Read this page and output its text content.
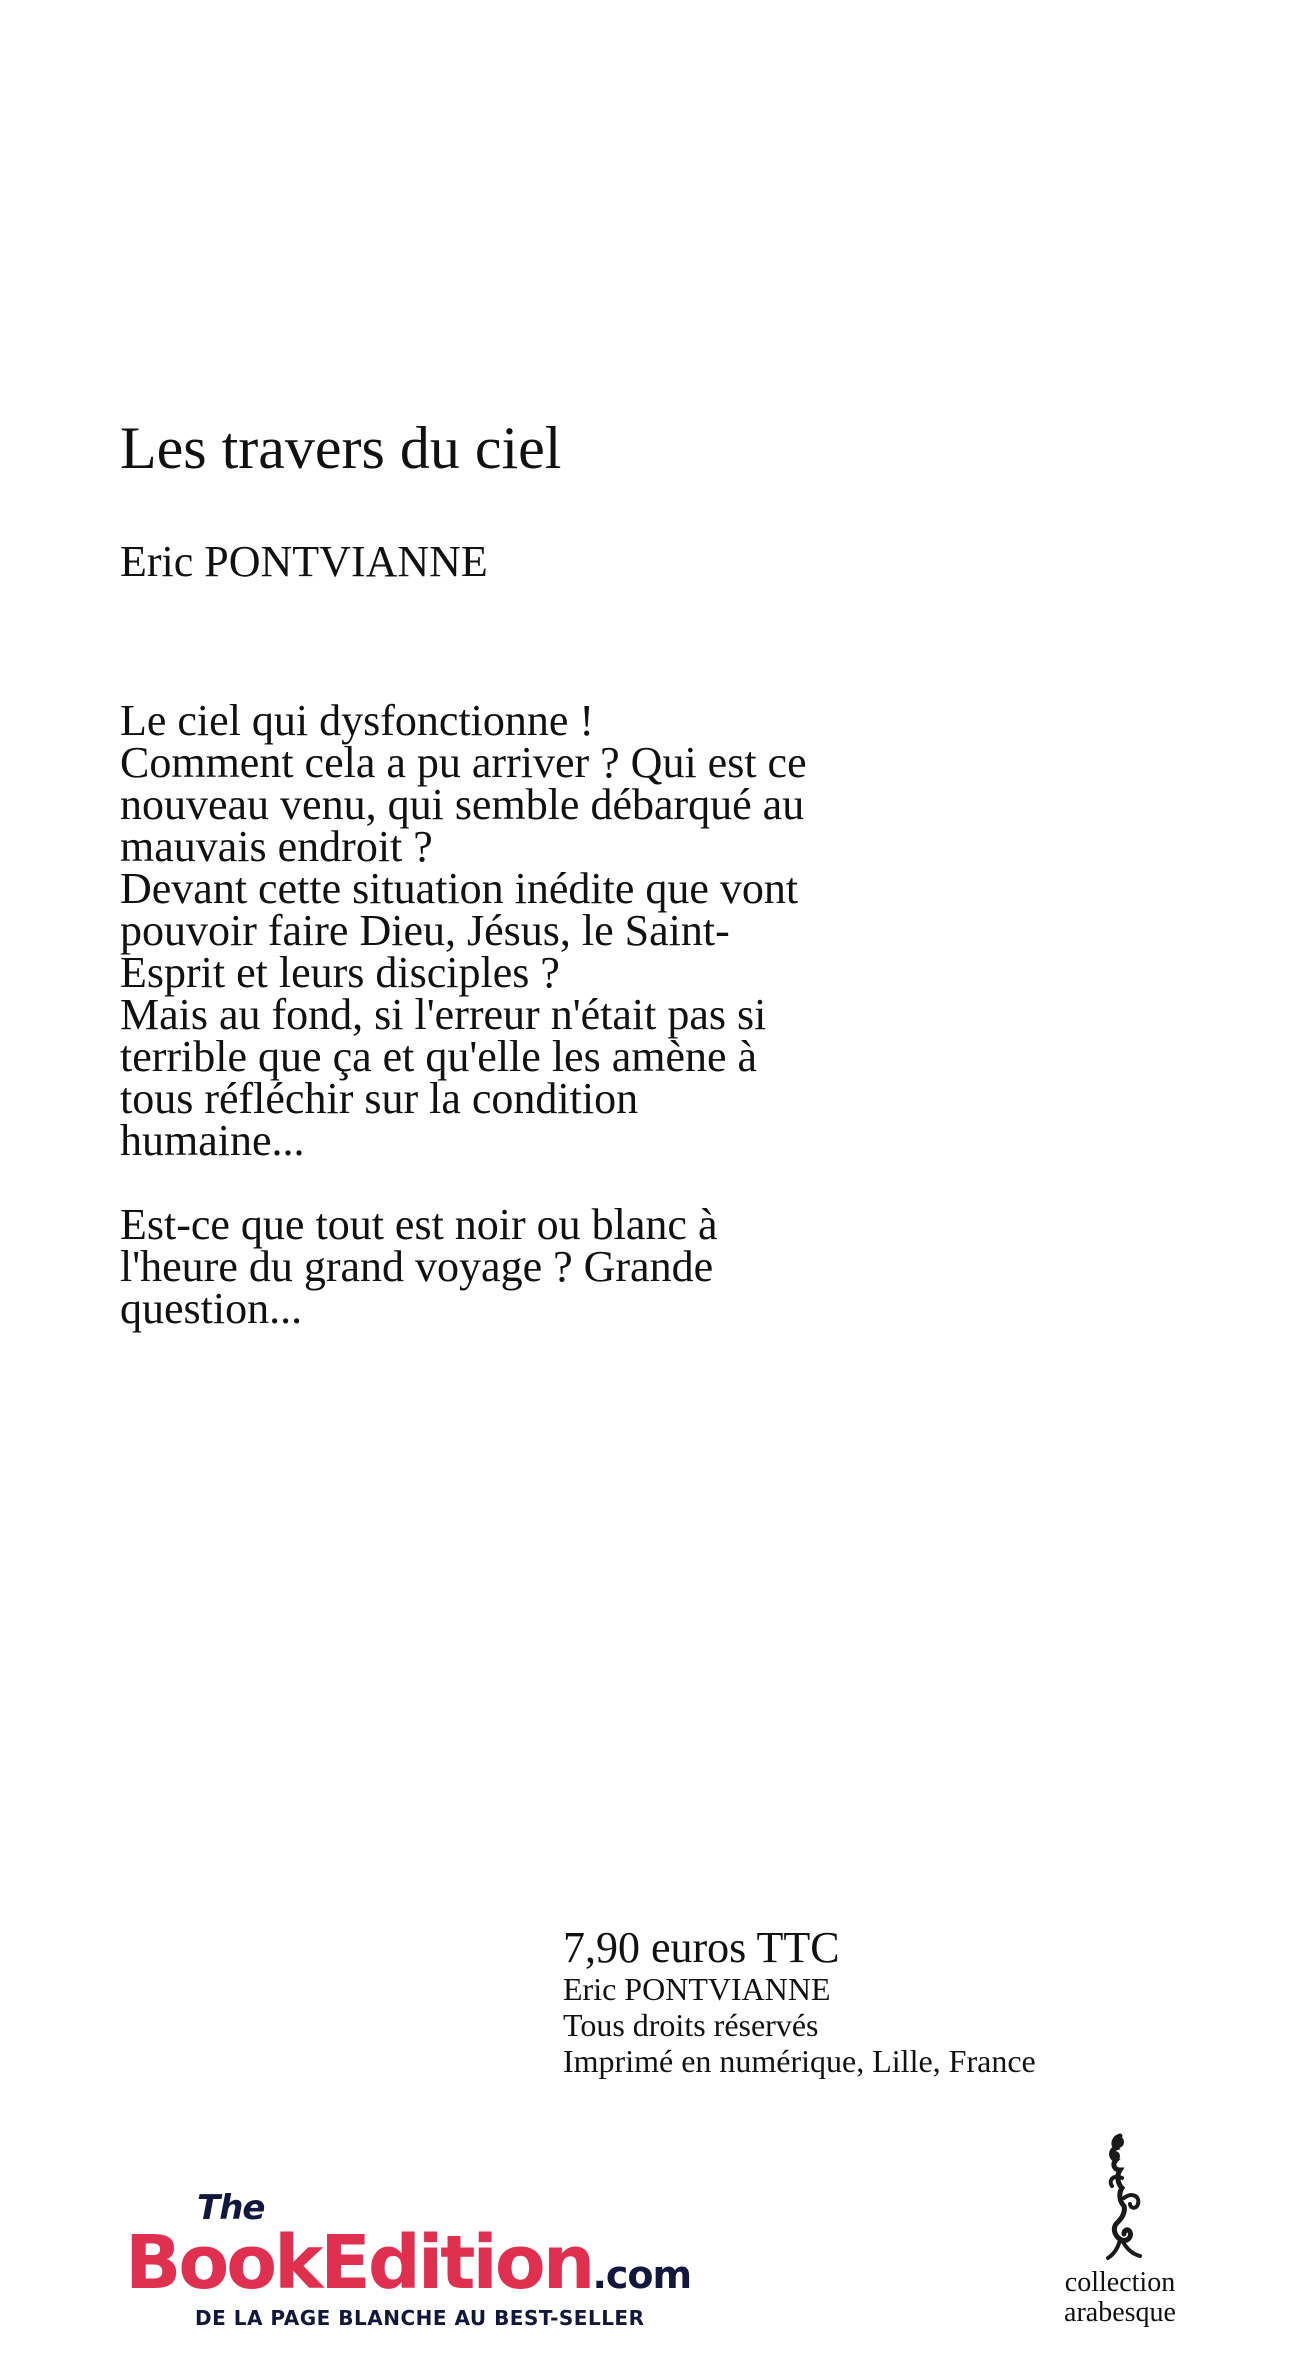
Les travers du ciel
Eric PONTVIANNE

Le ciel qui dysfonctionne !
Comment cela a pu arriver ? Qui est ce
nouveau venu, qui semble débarqué au
mauvais endroit ?
Devant cette situation inédite que vont
pouvoir faire Dieu, Jésus, le Saint-
Esprit et leurs disciples ?
Mais au fond, si l'erreur n'était pas si
terrible que ça et qu'elle les amène à
tous réfléchir sur la condition
humaine...

Est-ce que tout est noir ou blanc à
l'heure du grand voyage ? Grande
question...

7,90 euros TTC
Eric PONTVIANNE
Tous droits réservés
Imprimé en numérique, Lille, France
The
BookEdition.com
DE LA PAGE BLANCHE AU BEST-SELLER
collection
arabesque
